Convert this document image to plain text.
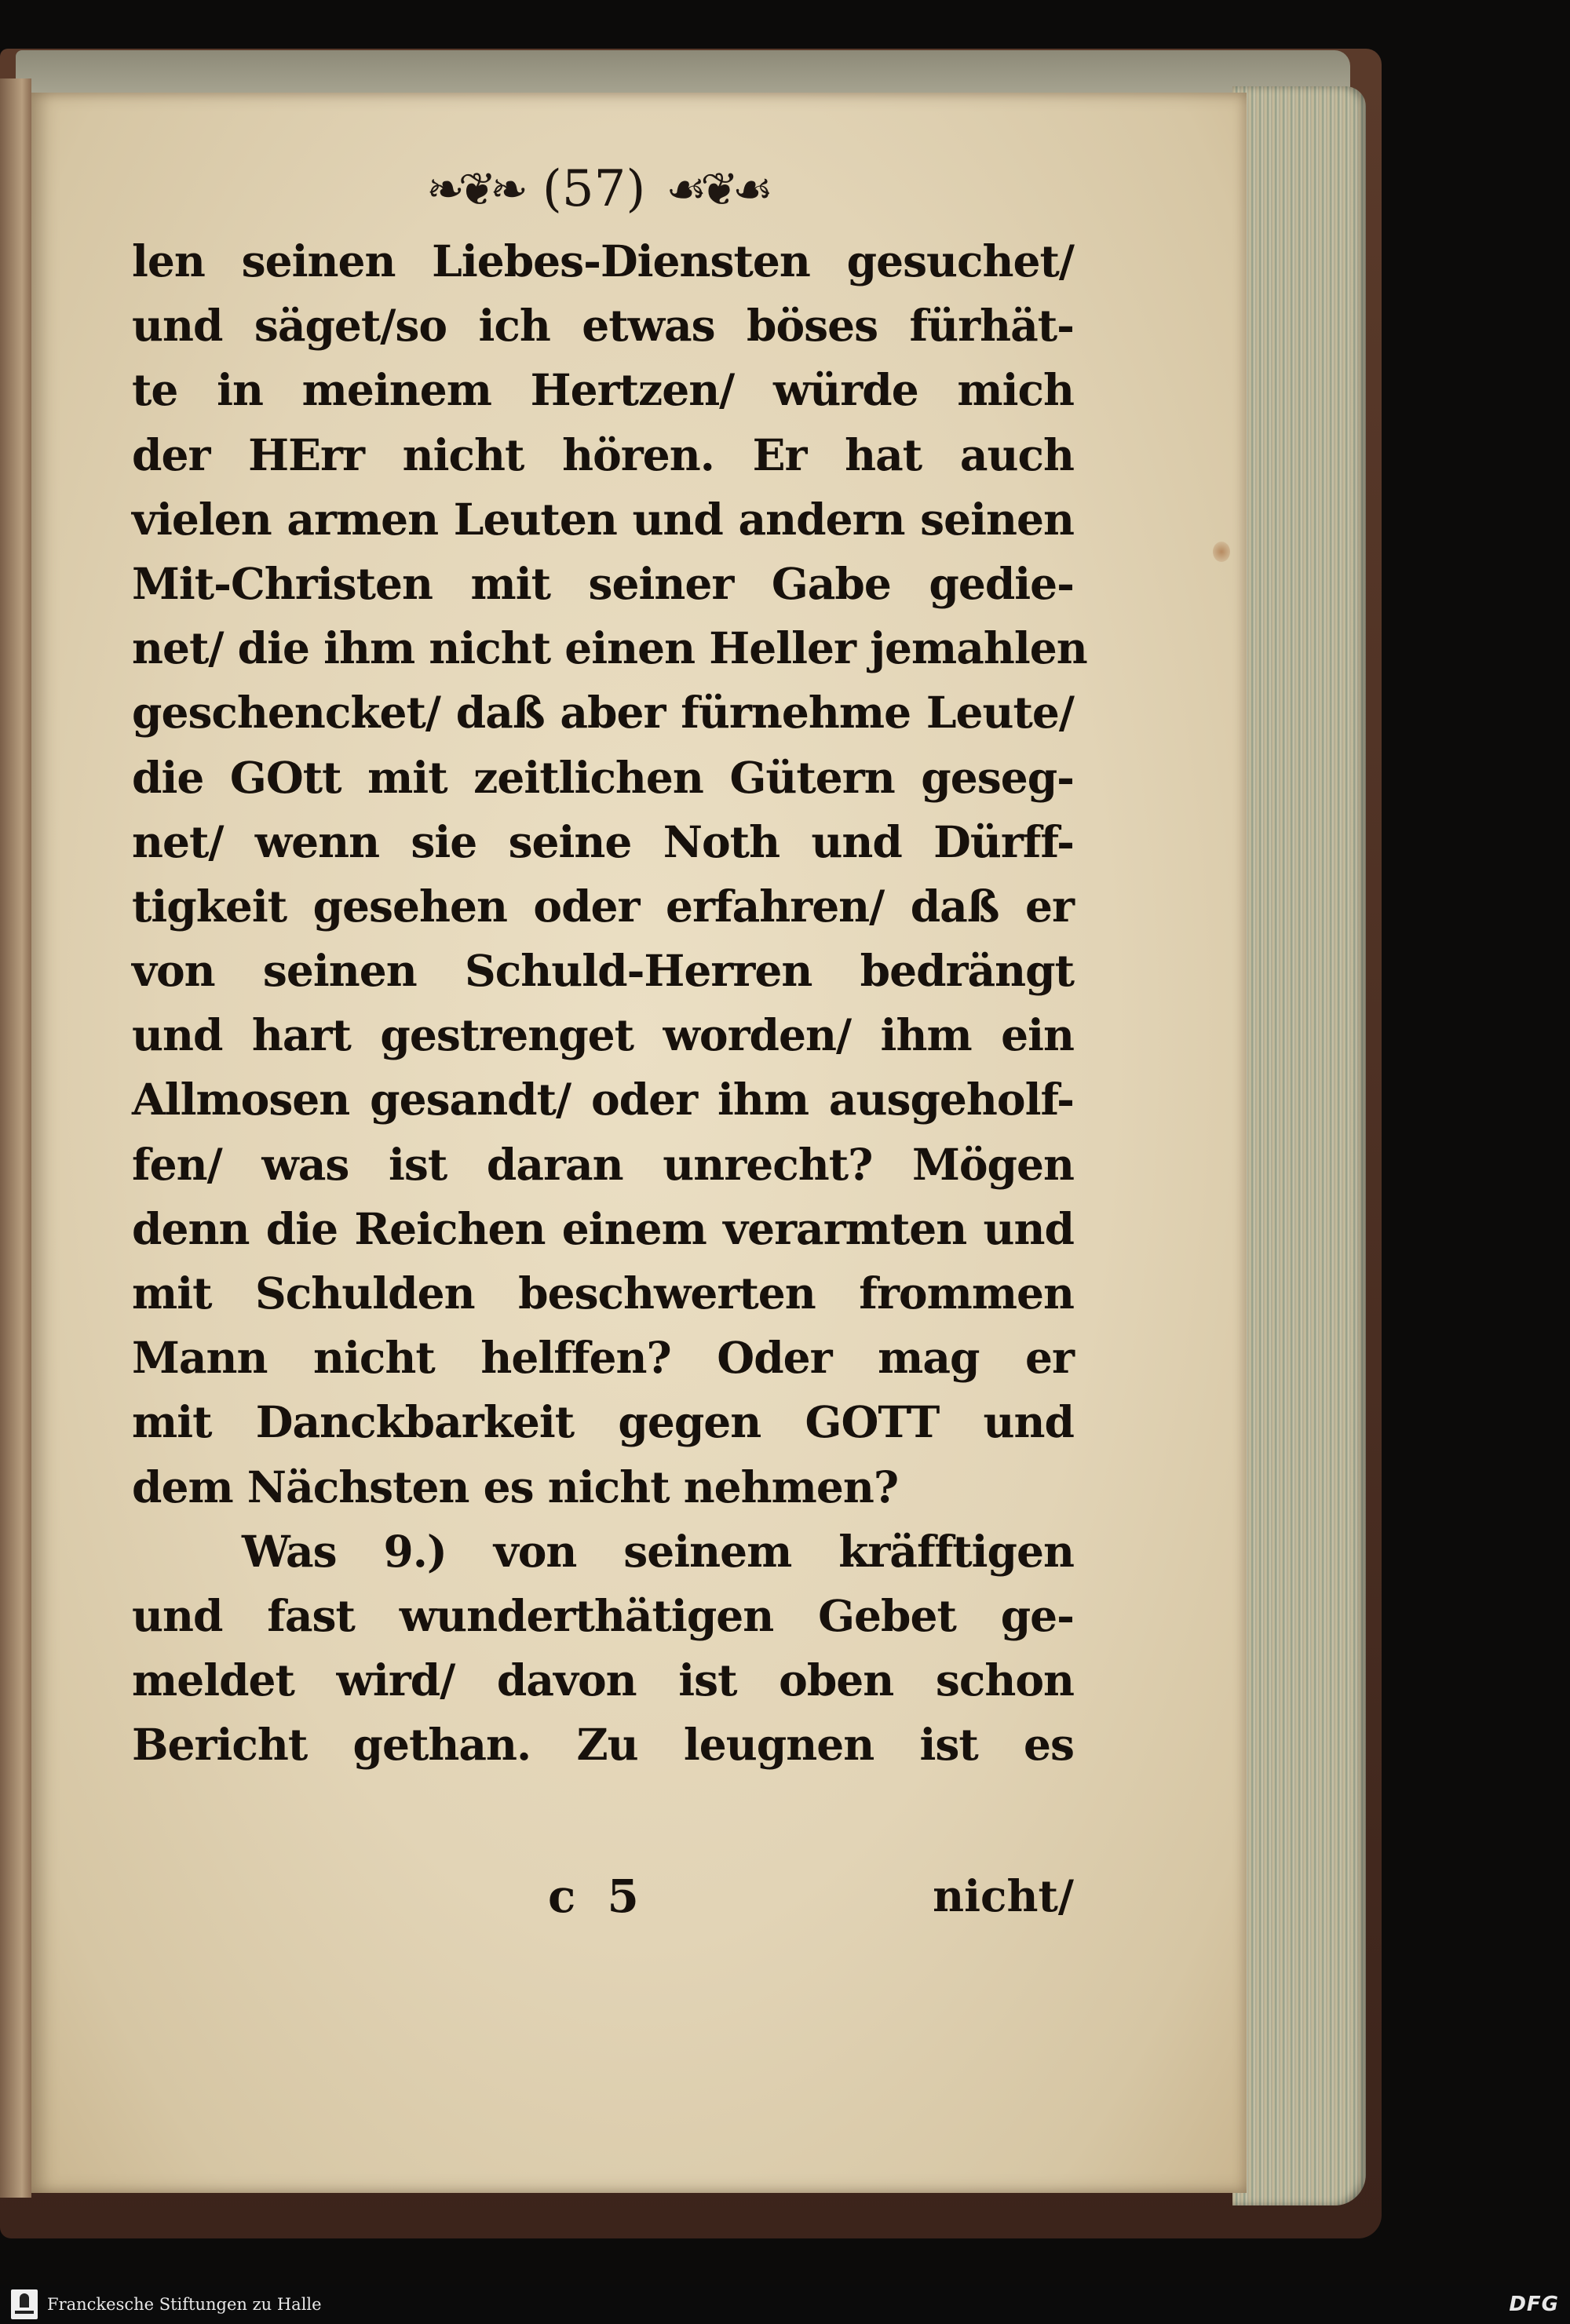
❧❦❧ (57) ☙❦☙
len seinen Liebes-Diensten gesuchet/
und säget/so ich etwas böses fürhät-
te in meinem Hertzen/ würde mich
der HErr nicht hören. Er hat auch
vielen armen Leuten und andern seinen
Mit-Christen mit seiner Gabe gedie-
net/ die ihm nicht einen Heller jemahlen
geschencket/ daß aber fürnehme Leute/
die GOtt mit zeitlichen Gütern geseg-
net/ wenn sie seine Noth und Dürff-
tigkeit gesehen oder erfahren/ daß er
von seinen Schuld-Herren bedrängt
und hart gestrenget worden/ ihm ein
Allmosen gesandt/ oder ihm ausgeholf-
fen/ was ist daran unrecht? Mögen
denn die Reichen einem verarmten und
mit Schulden beschwerten frommen
Mann nicht helffen? Oder mag er
mit Danckbarkeit gegen GOTT und
dem Nächsten es nicht nehmen?
Was 9.) von seinem kräfftigen
und fast wunderthätigen Gebet ge-
meldet wird/ davon ist oben schon
Bericht gethan. Zu leugnen ist es
c 5	nicht/
Franckesche Stiftungen zu Halle	DFG
